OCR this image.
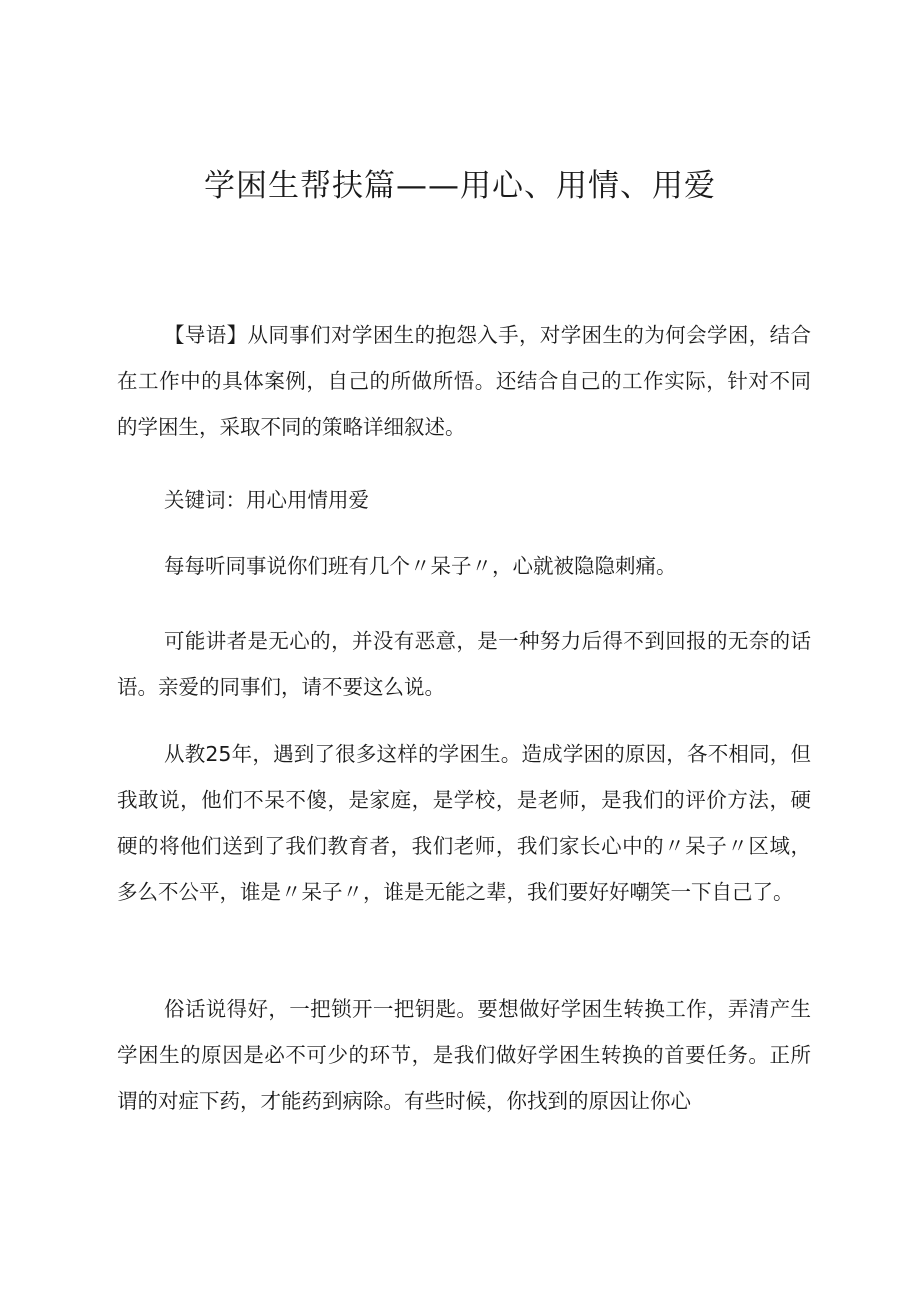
学困生帮扶篇——用心、用情、用爱

【导语】从同事们对学困生的抱怨入手，对学困生的为何会学困，结合在工作中的具体案例，自己的所做所悟。还结合自己的工作实际，针对不同的学困生，采取不同的策略详细叙述。

关键词：用心用情用爱

每每听同事说你们班有几个〃呆子〃，心就被隐隐刺痛。

可能讲者是无心的，并没有恶意，是一种努力后得不到回报的无奈的话语。亲爱的同事们，请不要这么说。

从教25年，遇到了很多这样的学困生。造成学困的原因，各不相同，但我敢说，他们不呆不傻，是家庭，是学校，是老师，是我们的评价方法，硬硬的将他们送到了我们教育者，我们老师，我们家长心中的〃呆子〃区域，多么不公平，谁是〃呆子〃，谁是无能之辈，我们要好好嘲笑一下自己了。

俗话说得好，一把锁开一把钥匙。要想做好学困生转换工作，弄清产生学困生的原因是必不可少的环节，是我们做好学困生转换的首要任务。正所谓的对症下药，才能药到病除。有些时候，你找到的原因让你心
